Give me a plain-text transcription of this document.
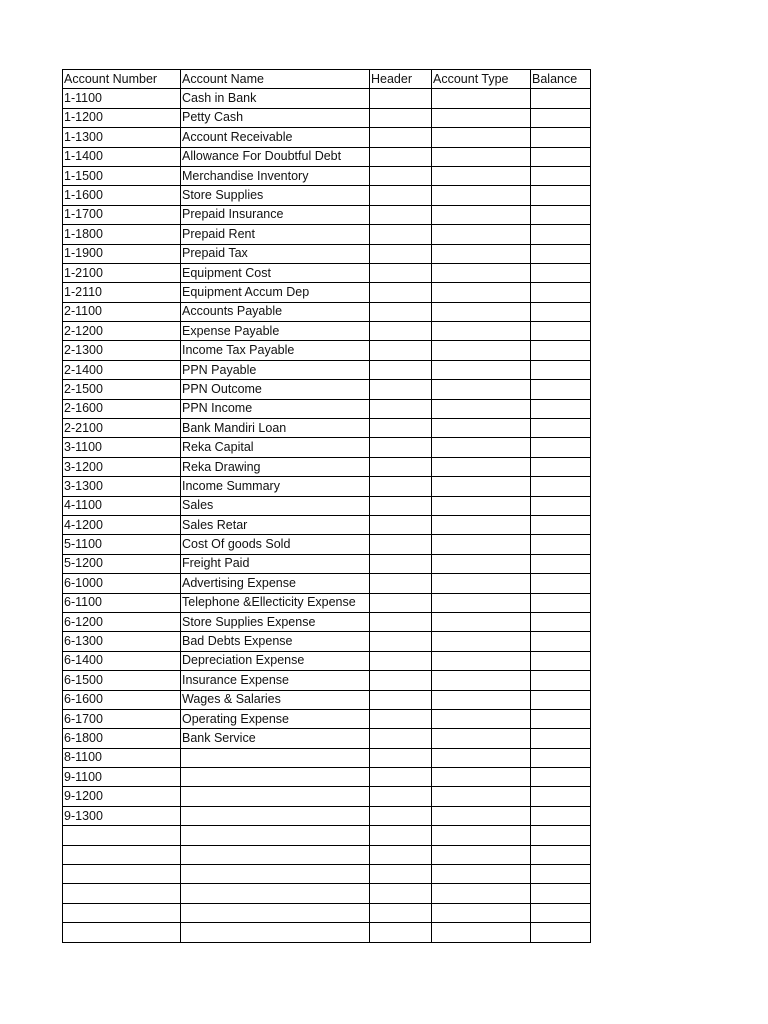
Account Number	Account Name	Header	Account Type	Balance
1-1100	Cash in Bank			
1-1200	Petty Cash			
1-1300	Account Receivable			
1-1400	Allowance For Doubtful Debt			
1-1500	Merchandise Inventory			
1-1600	Store Supplies			
1-1700	Prepaid Insurance			
1-1800	Prepaid Rent			
1-1900	Prepaid Tax			
1-2100	Equipment Cost			
1-2110	Equipment Accum Dep			
2-1100	Accounts Payable			
2-1200	Expense Payable			
2-1300	Income Tax Payable			
2-1400	PPN Payable			
2-1500	PPN Outcome			
2-1600	PPN Income			
2-2100	Bank Mandiri Loan			
3-1100	Reka Capital			
3-1200	Reka Drawing			
3-1300	Income Summary			
4-1100	Sales			
4-1200	Sales Retar			
5-1100	Cost Of goods Sold			
5-1200	Freight Paid			
6-1000	Advertising Expense			
6-1100	Telephone &Ellecticity Expense			
6-1200	Store Supplies Expense			
6-1300	Bad Debts Expense			
6-1400	Depreciation Expense			
6-1500	Insurance Expense			
6-1600	Wages & Salaries			
6-1700	Operating Expense			
6-1800	Bank Service			
8-1100				
9-1100				
9-1200				
9-1300				
